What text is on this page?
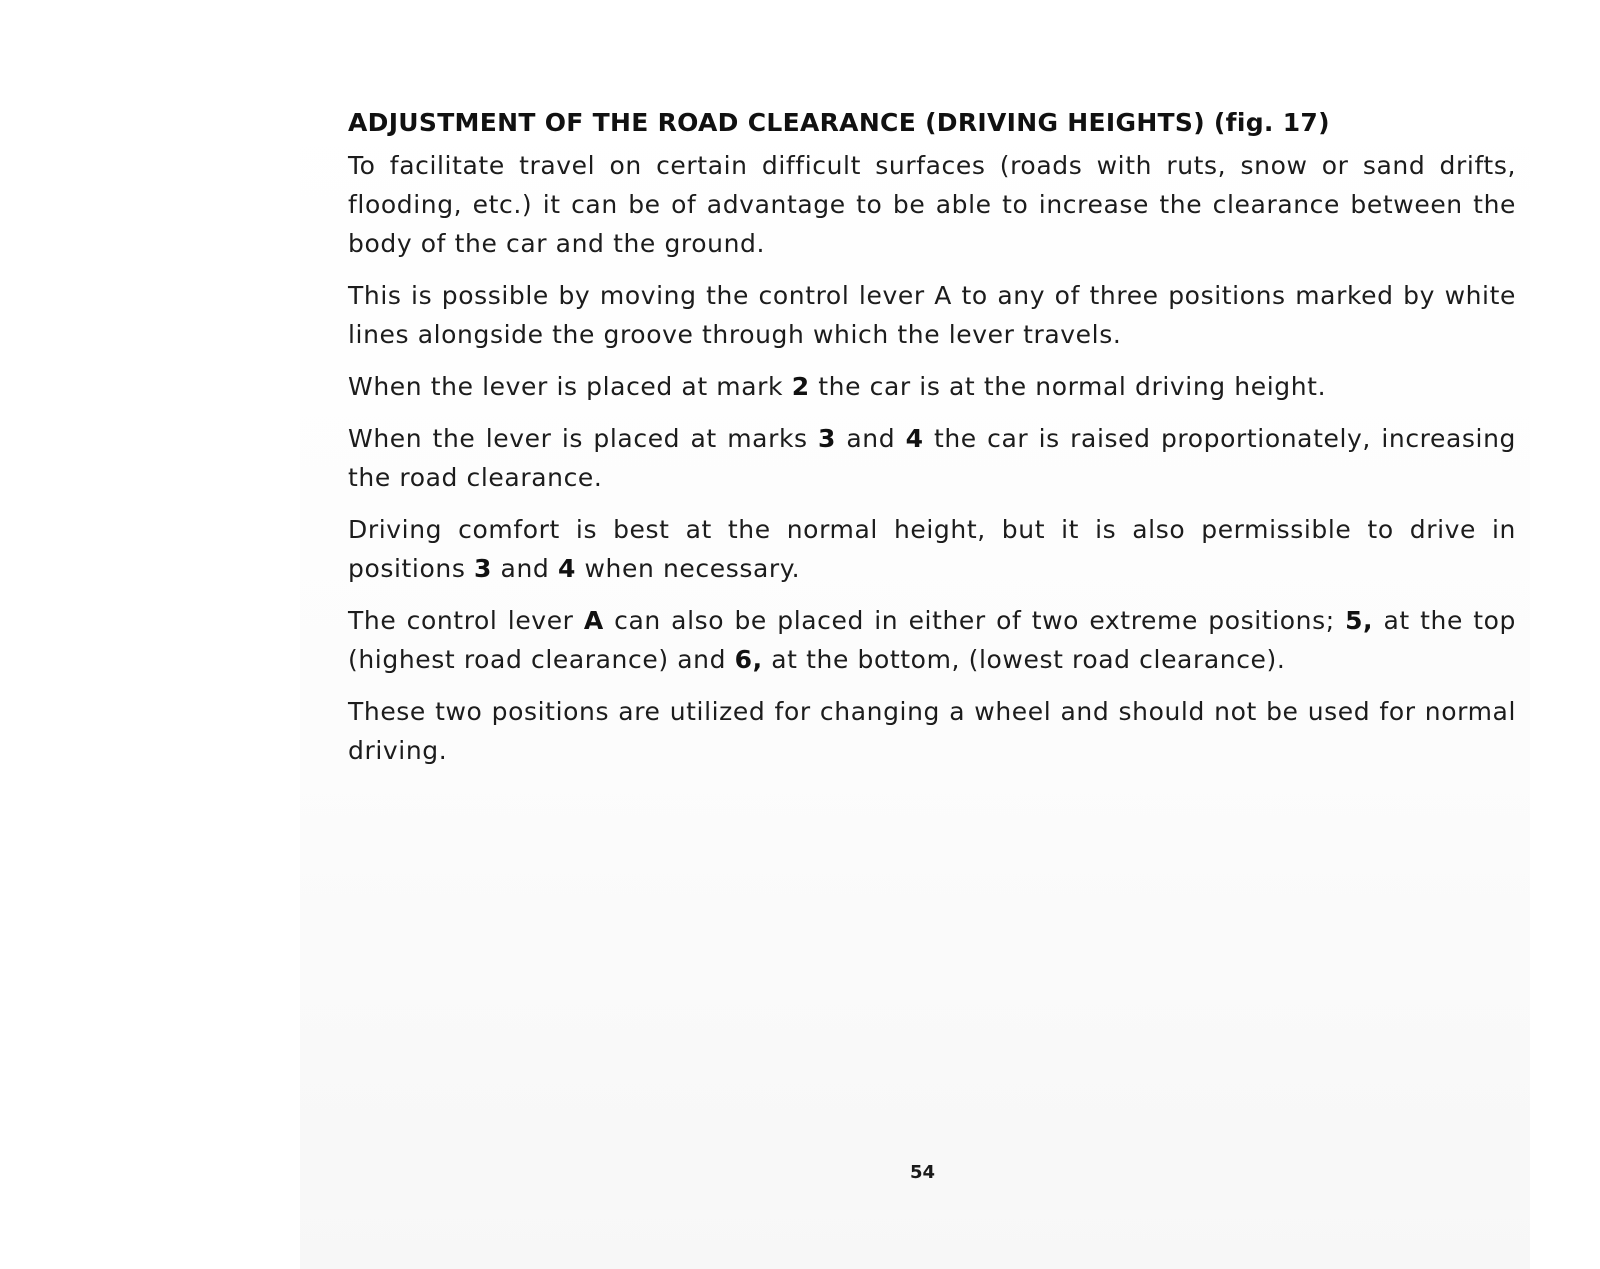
ADJUSTMENT OF THE ROAD CLEARANCE (DRIVING HEIGHTS) (fig. 17)

To facilitate travel on certain difficult surfaces (roads with ruts, snow or sand drifts, flooding, etc.) it can be of advantage to be able to increase the clearance between the body of the car and the ground.

This is possible by moving the control lever A to any of three positions marked by white lines alongside the groove through which the lever travels.

When the lever is placed at mark 2 the car is at the normal driving height.

When the lever is placed at marks 3 and 4 the car is raised proportionately, increasing the road clearance.

Driving comfort is best at the normal height, but it is also permissible to drive in positions 3 and 4 when necessary.

The control lever A can also be placed in either of two extreme positions; 5, at the top (highest road clearance) and 6, at the bottom, (lowest road clearance).

These two positions are utilized for changing a wheel and should not be used for normal driving.

54
